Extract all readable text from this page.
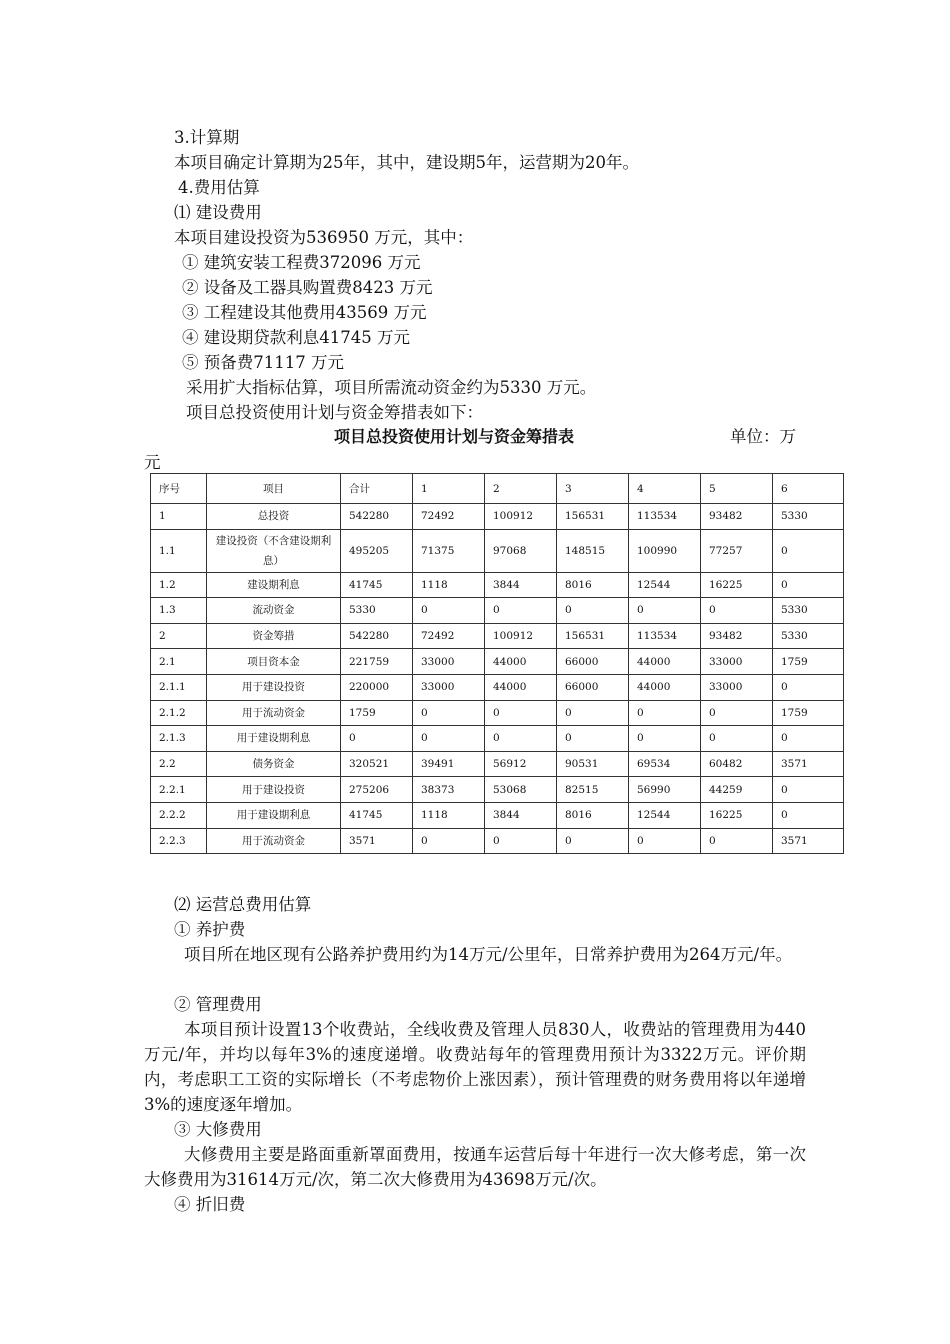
3.计算期
本项目确定计算期为25年，其中，建设期5年，运营期为20年。
4.费用估算
⑴ 建设费用
本项目建设投资为536950 万元，其中：
① 建筑安装工程费372096 万元
② 设备及工器具购置费8423 万元
③ 工程建设其他费用43569 万元
④ 建设期贷款利息41745 万元
⑤ 预备费71117 万元
采用扩大指标估算，项目所需流动资金约为5330 万元。
项目总投资使用计划与资金筹措表如下：
项目总投资使用计划与资金筹措表	单位：万
元
序号	项目	合计	1	2	3	4	5	6
1	总投资	542280	72492	100912	156531	113534	93482	5330
1.1	建设投资（不含建设期利息）	495205	71375	97068	148515	100990	77257	0
1.2	建设期利息	41745	1118	3844	8016	12544	16225	0
1.3	流动资金	5330	0	0	0	0	0	5330
2	资金筹措	542280	72492	100912	156531	113534	93482	5330
2.1	项目资本金	221759	33000	44000	66000	44000	33000	1759
2.1.1	用于建设投资	220000	33000	44000	66000	44000	33000	0
2.1.2	用于流动资金	1759	0	0	0	0	0	1759
2.1.3	用于建设期利息	0	0	0	0	0	0	0
2.2	债务资金	320521	39491	56912	90531	69534	60482	3571
2.2.1	用于建设投资	275206	38373	53068	82515	56990	44259	0
2.2.2	用于建设期利息	41745	1118	3844	8016	12544	16225	0
2.2.3	用于流动资金	3571	0	0	0	0	0	3571
⑵ 运营总费用估算
① 养护费
项目所在地区现有公路养护费用约为14万元/公里年，日常养护费用为264万元/年。
② 管理费用
本项目预计设置13个收费站，全线收费及管理人员830人，收费站的管理费用为440万元/年，并均以每年3%的速度递增。收费站每年的管理费用预计为3322万元。评价期内，考虑职工工资的实际增长（不考虑物价上涨因素），预计管理费的财务费用将以年递增3%的速度逐年增加。
③ 大修费用
大修费用主要是路面重新罩面费用，按通车运营后每十年进行一次大修考虑，第一次大修费用为31614万元/次，第二次大修费用为43698万元/次。
④ 折旧费
